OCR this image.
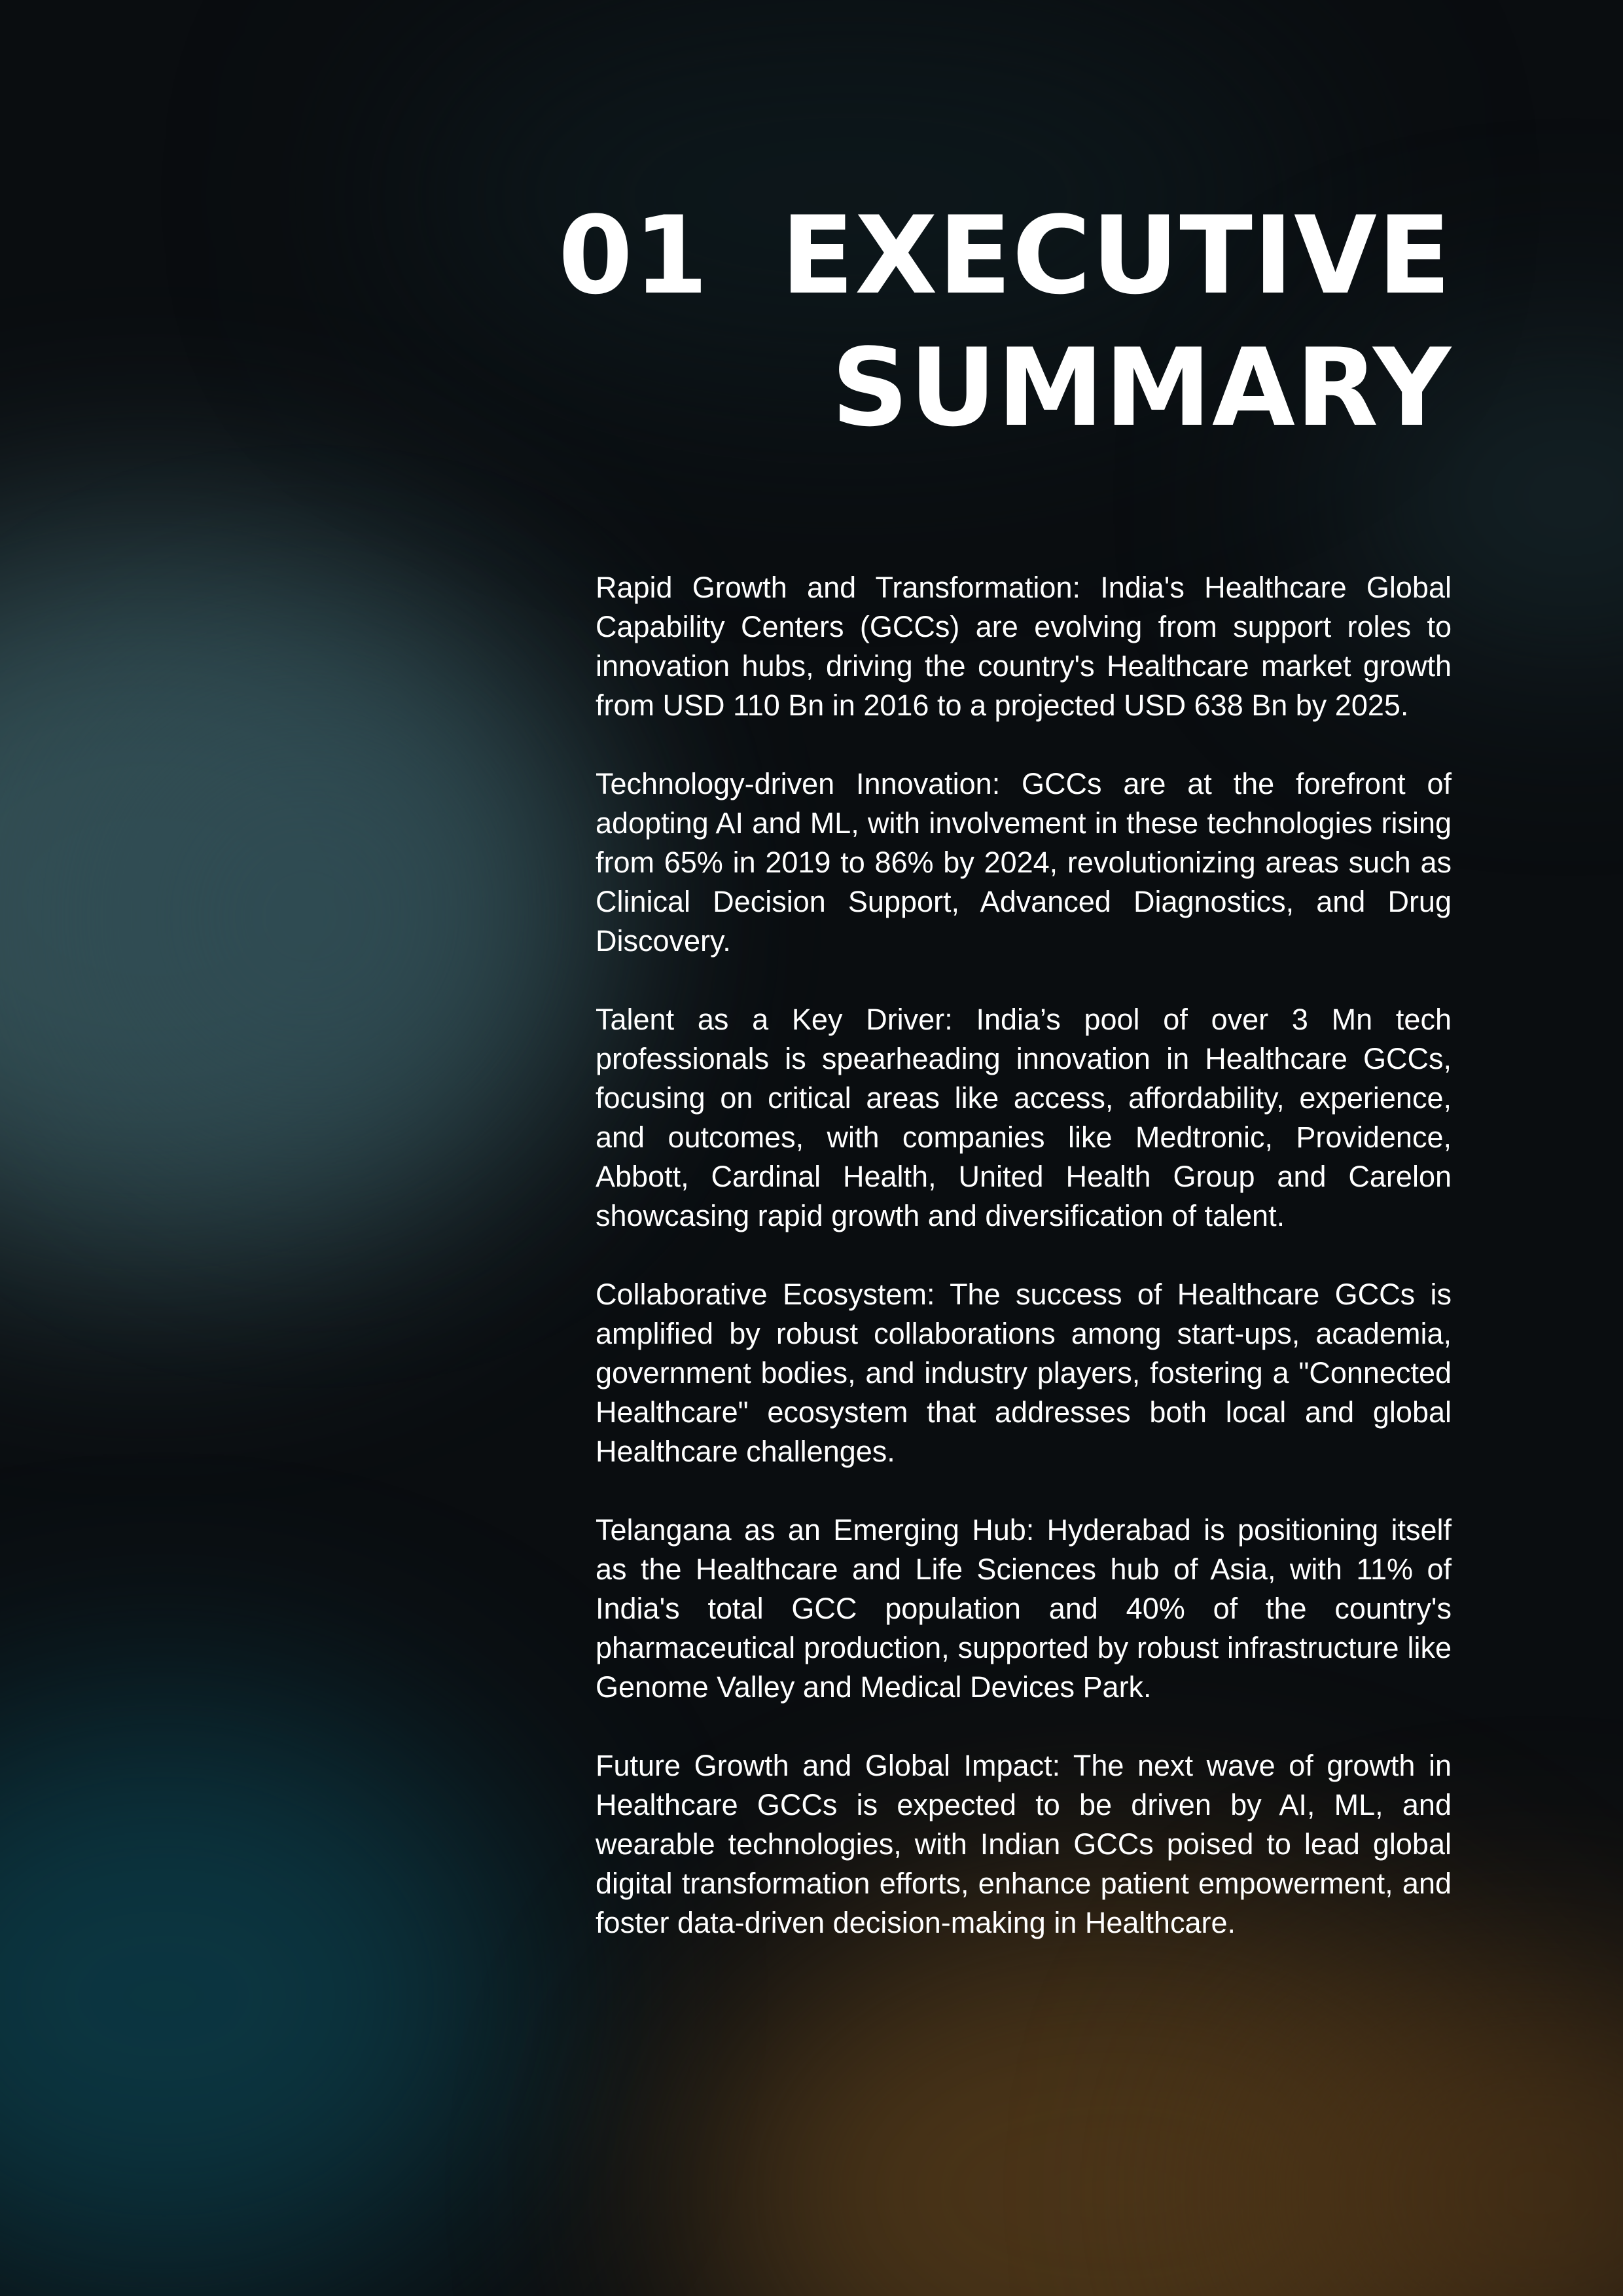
01 EXECUTIVE
SUMMARY

Rapid Growth and Transformation: India's Healthcare Global Capability Centers (GCCs) are evolving from support roles to innovation hubs, driving the country's Healthcare market growth from USD 110 Bn in 2016 to a projected USD 638 Bn by 2025.

Technology-driven Innovation: GCCs are at the forefront of adopting AI and ML, with involvement in these technologies rising from 65% in 2019 to 86% by 2024, revolutionizing areas such as Clinical Decision Support, Advanced Diagnostics, and Drug Discovery.

Talent as a Key Driver: India’s pool of over 3 Mn tech professionals is spearheading innovation in Healthcare GCCs, focusing on critical areas like access, affordability, experience, and outcomes, with companies like Medtronic, Providence, Abbott, Cardinal Health, United Health Group and Carelon showcasing rapid growth and diversification of talent.

Collaborative Ecosystem: The success of Healthcare GCCs is amplified by robust collaborations among start-ups, academia, government bodies, and industry players, fostering a "Connected Healthcare" ecosystem that addresses both local and global Healthcare challenges.

Telangana as an Emerging Hub: Hyderabad is positioning itself as the Healthcare and Life Sciences hub of Asia, with 11% of India's total GCC population and 40% of the country's pharmaceutical production, supported by robust infrastructure like Genome Valley and Medical Devices Park.

Future Growth and Global Impact: The next wave of growth in Healthcare GCCs is expected to be driven by AI, ML, and wearable technologies, with Indian GCCs poised to lead global digital transformation efforts, enhance patient empowerment, and foster data-driven decision-making in Healthcare.
